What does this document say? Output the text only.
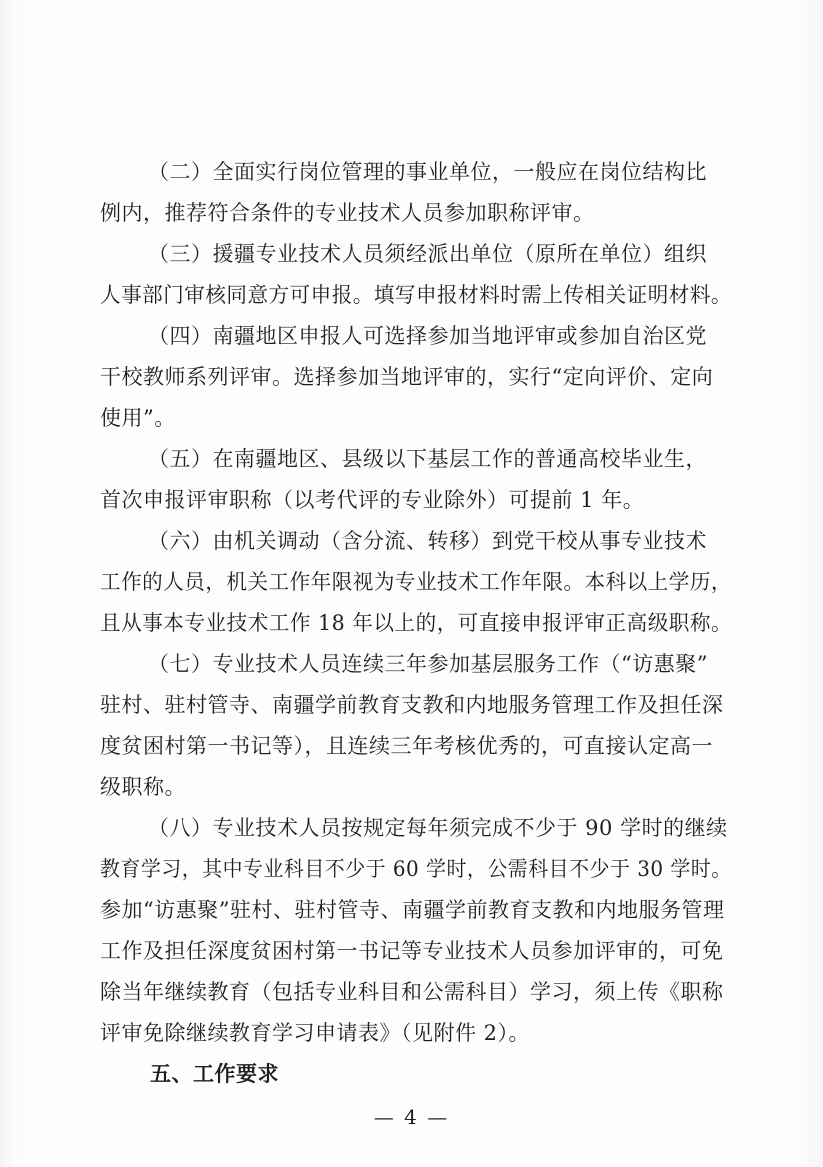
（二）全面实行岗位管理的事业单位，一般应在岗位结构比
例内，推荐符合条件的专业技术人员参加职称评审。
（三）援疆专业技术人员须经派出单位（原所在单位）组织
人事部门审核同意方可申报。填写申报材料时需上传相关证明材料。
（四）南疆地区申报人可选择参加当地评审或参加自治区党
干校教师系列评审。选择参加当地评审的，实行“定向评价、定向
使用”。
（五）在南疆地区、县级以下基层工作的普通高校毕业生，
首次申报评审职称（以考代评的专业除外）可提前 1 年。
（六）由机关调动（含分流、转移）到党干校从事专业技术
工作的人员，机关工作年限视为专业技术工作年限。本科以上学历，
且从事本专业技术工作 18 年以上的，可直接申报评审正高级职称。
（七）专业技术人员连续三年参加基层服务工作（“访惠聚”
驻村、驻村管寺、南疆学前教育支教和内地服务管理工作及担任深
度贫困村第一书记等），且连续三年考核优秀的，可直接认定高一
级职称。
（八）专业技术人员按规定每年须完成不少于 90 学时的继续
教育学习，其中专业科目不少于 60 学时，公需科目不少于 30 学时。
参加“访惠聚”驻村、驻村管寺、南疆学前教育支教和内地服务管理
工作及担任深度贫困村第一书记等专业技术人员参加评审的，可免
除当年继续教育（包括专业科目和公需科目）学习，须上传《职称
评审免除继续教育学习申请表》（见附件 2）。
五、工作要求
— 4 —
